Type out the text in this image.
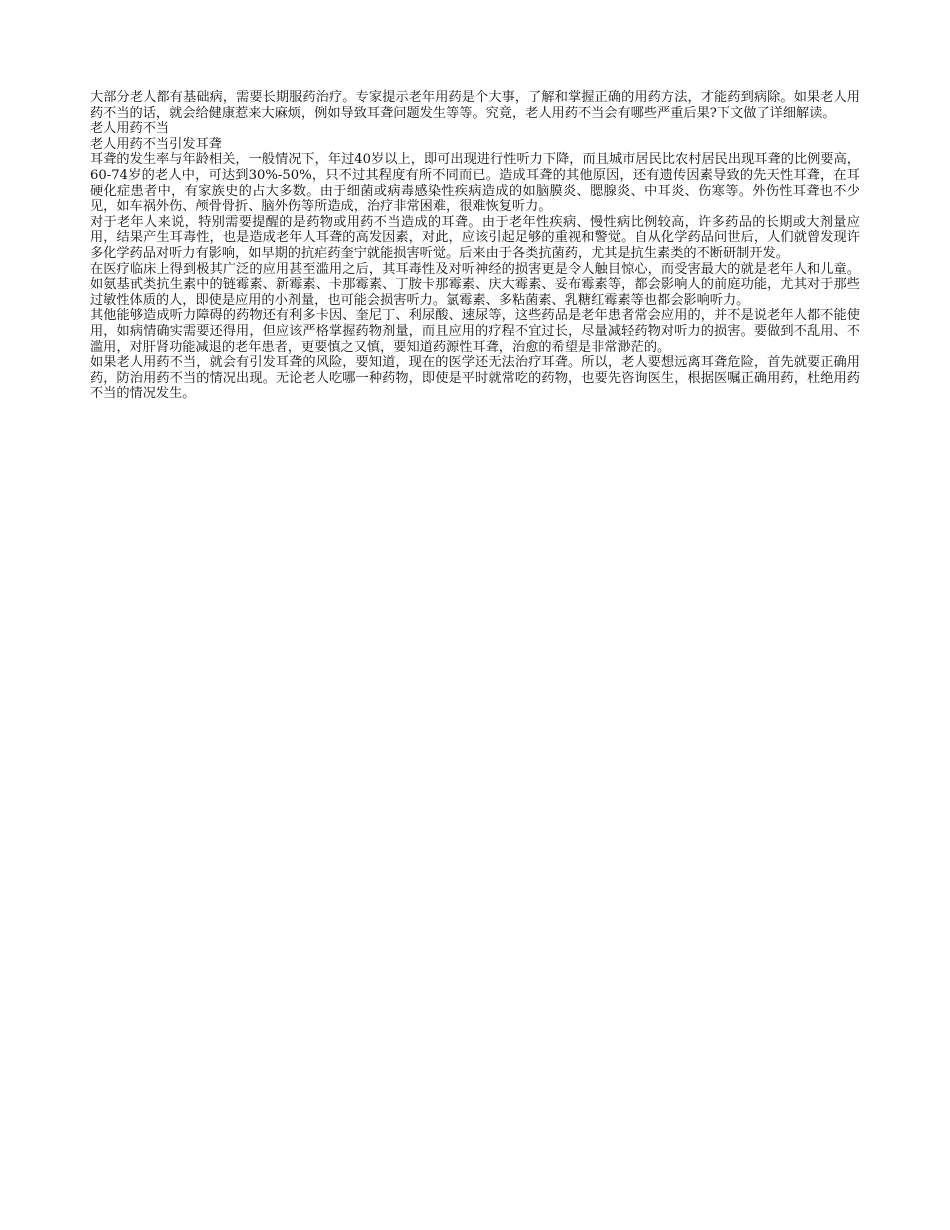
大部分老人都有基础病，需要长期服药治疗。专家提示老年用药是个大事，了解和掌握正确的用药方法，才能药到病除。如果老人用药不当的话，就会给健康惹来大麻烦，例如导致耳聋问题发生等等。究竟，老人用药不当会有哪些严重后果?下文做了详细解读。

老人用药不当
老人用药不当引发耳聋

耳聋的发生率与年龄相关，一般情况下，年过40岁以上，即可出现进行性听力下降，而且城市居民比农村居民出现耳聋的比例要高，60-74岁的老人中，可达到30%-50%，只不过其程度有所不同而已。造成耳聋的其他原因，还有遗传因素导致的先天性耳聋，在耳硬化症患者中，有家族史的占大多数。由于细菌或病毒感染性疾病造成的如脑膜炎、腮腺炎、中耳炎、伤寒等。外伤性耳聋也不少见，如车祸外伤、颅骨骨折、脑外伤等所造成，治疗非常困难，很难恢复听力。

对于老年人来说，特别需要提醒的是药物或用药不当造成的耳聋。由于老年性疾病、慢性病比例较高，许多药品的长期或大剂量应用，结果产生耳毒性，也是造成老年人耳聋的高发因素，对此，应该引起足够的重视和警觉。自从化学药品问世后，人们就曾发现许多化学药品对听力有影响，如早期的抗疟药奎宁就能损害听觉。后来由于各类抗菌药，尤其是抗生素类的不断研制开发。

在医疗临床上得到极其广泛的应用甚至滥用之后，其耳毒性及对听神经的损害更是令人触目惊心，而受害最大的就是老年人和儿童。如氨基甙类抗生素中的链霉素、新霉素、卡那霉素、丁胺卡那霉素、庆大霉素、妥布霉素等，都会影响人的前庭功能，尤其对于那些过敏性体质的人，即使是应用的小剂量，也可能会损害听力。氯霉素、多粘菌素、乳糖红霉素等也都会影响听力。

其他能够造成听力障碍的药物还有利多卡因、奎尼丁、利尿酸、速尿等，这些药品是老年患者常会应用的，并不是说老年人都不能使用，如病情确实需要还得用，但应该严格掌握药物剂量，而且应用的疗程不宜过长，尽量减轻药物对听力的损害。要做到不乱用、不滥用，对肝肾功能减退的老年患者，更要慎之又慎，要知道药源性耳聋，治愈的希望是非常渺茫的。

如果老人用药不当，就会有引发耳聋的风险，要知道，现在的医学还无法治疗耳聋。所以，老人要想远离耳聋危险，首先就要正确用药，防治用药不当的情况出现。无论老人吃哪一种药物，即使是平时就常吃的药物，也要先咨询医生，根据医嘱正确用药，杜绝用药不当的情况发生。
